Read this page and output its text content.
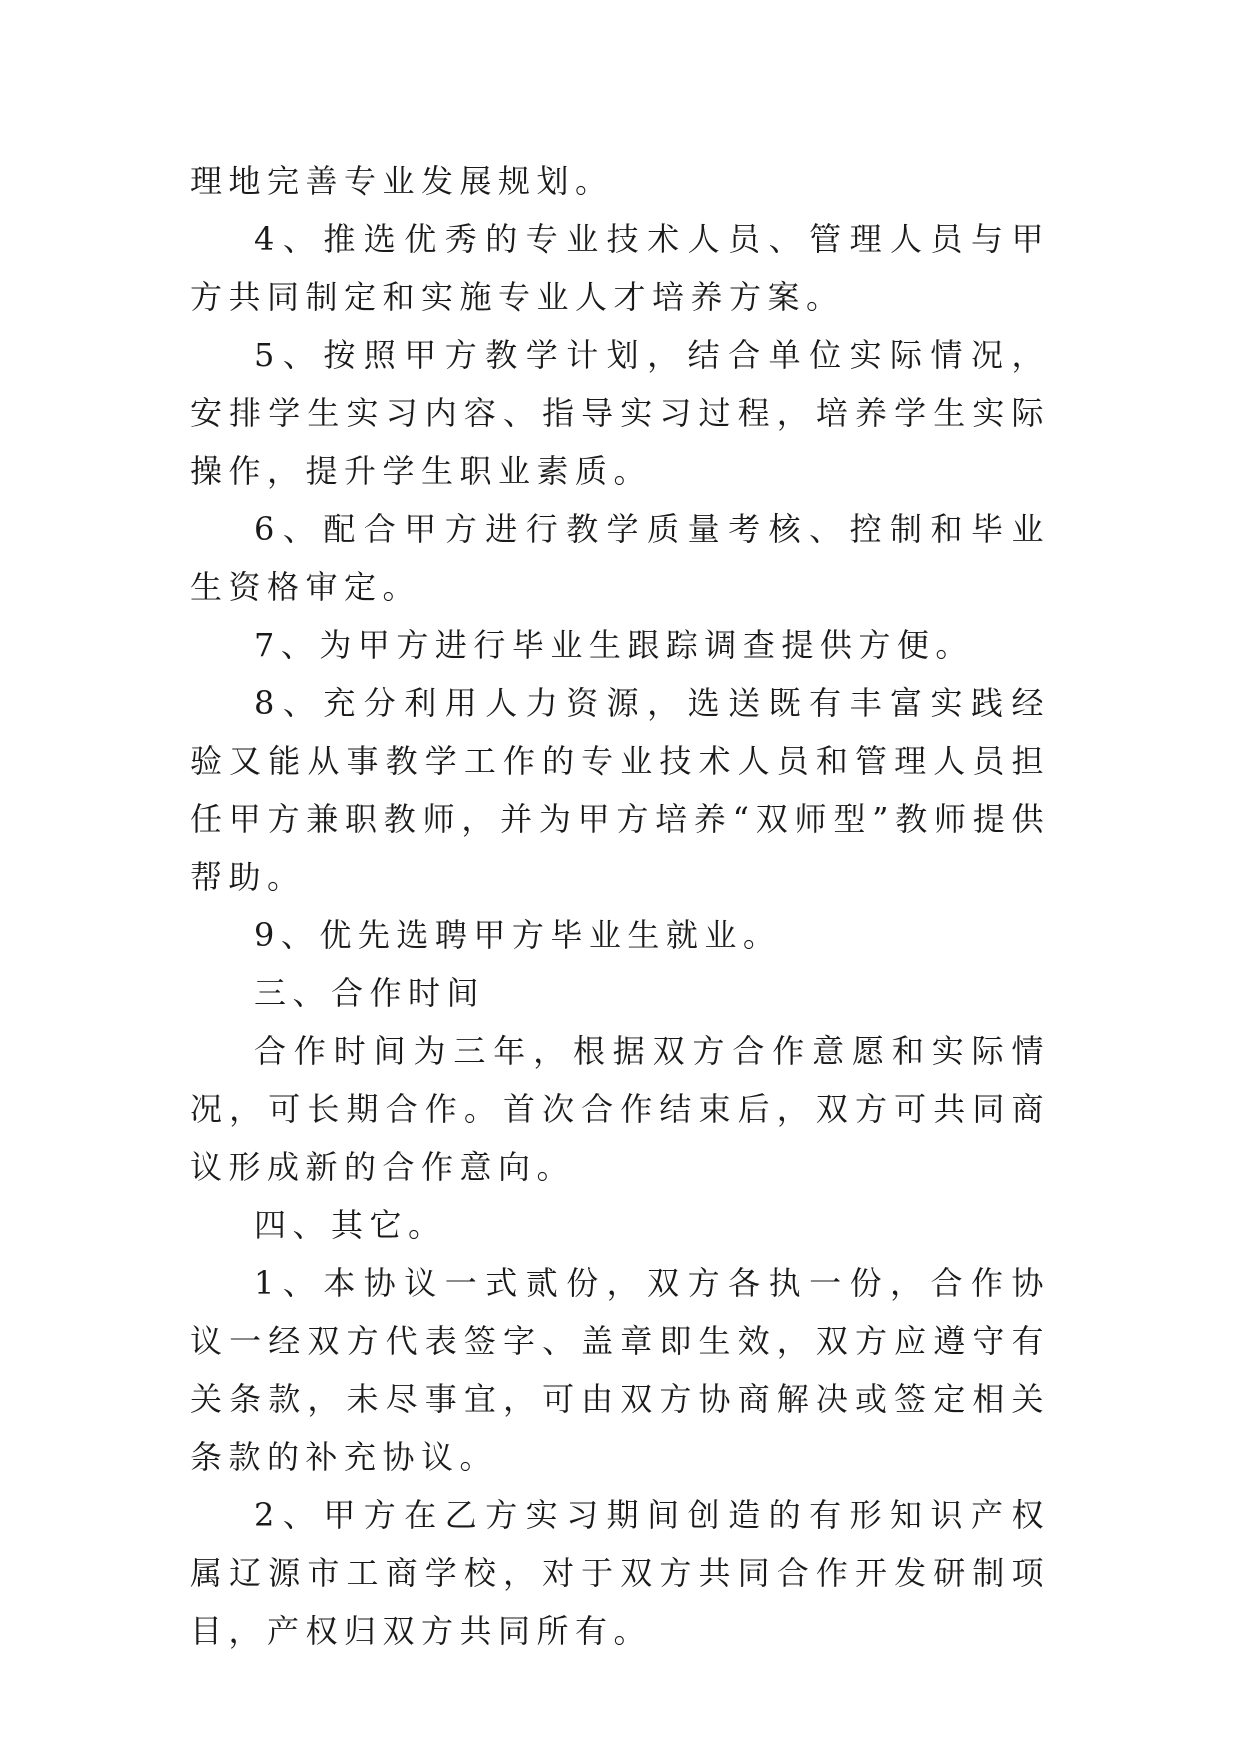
理地完善专业发展规划。

4、推选优秀的专业技术人员、管理人员与甲方共同制定和实施专业人才培养方案。

5、按照甲方教学计划，结合单位实际情况，安排学生实习内容、指导实习过程，培养学生实际操作，提升学生职业素质。

6、配合甲方进行教学质量考核、控制和毕业生资格审定。

7、为甲方进行毕业生跟踪调查提供方便。

8、充分利用人力资源，选送既有丰富实践经验又能从事教学工作的专业技术人员和管理人员担任甲方兼职教师，并为甲方培养“双师型”教师提供帮助。

9、优先选聘甲方毕业生就业。

三、合作时间

合作时间为三年，根据双方合作意愿和实际情况，可长期合作。首次合作结束后，双方可共同商议形成新的合作意向。

四、其它。

1、本协议一式贰份，双方各执一份，合作协议一经双方代表签字、盖章即生效，双方应遵守有关条款，未尽事宜，可由双方协商解决或签定相关条款的补充协议。

2、甲方在乙方实习期间创造的有形知识产权属辽源市工商学校，对于双方共同合作开发研制项目，产权归双方共同所有。
